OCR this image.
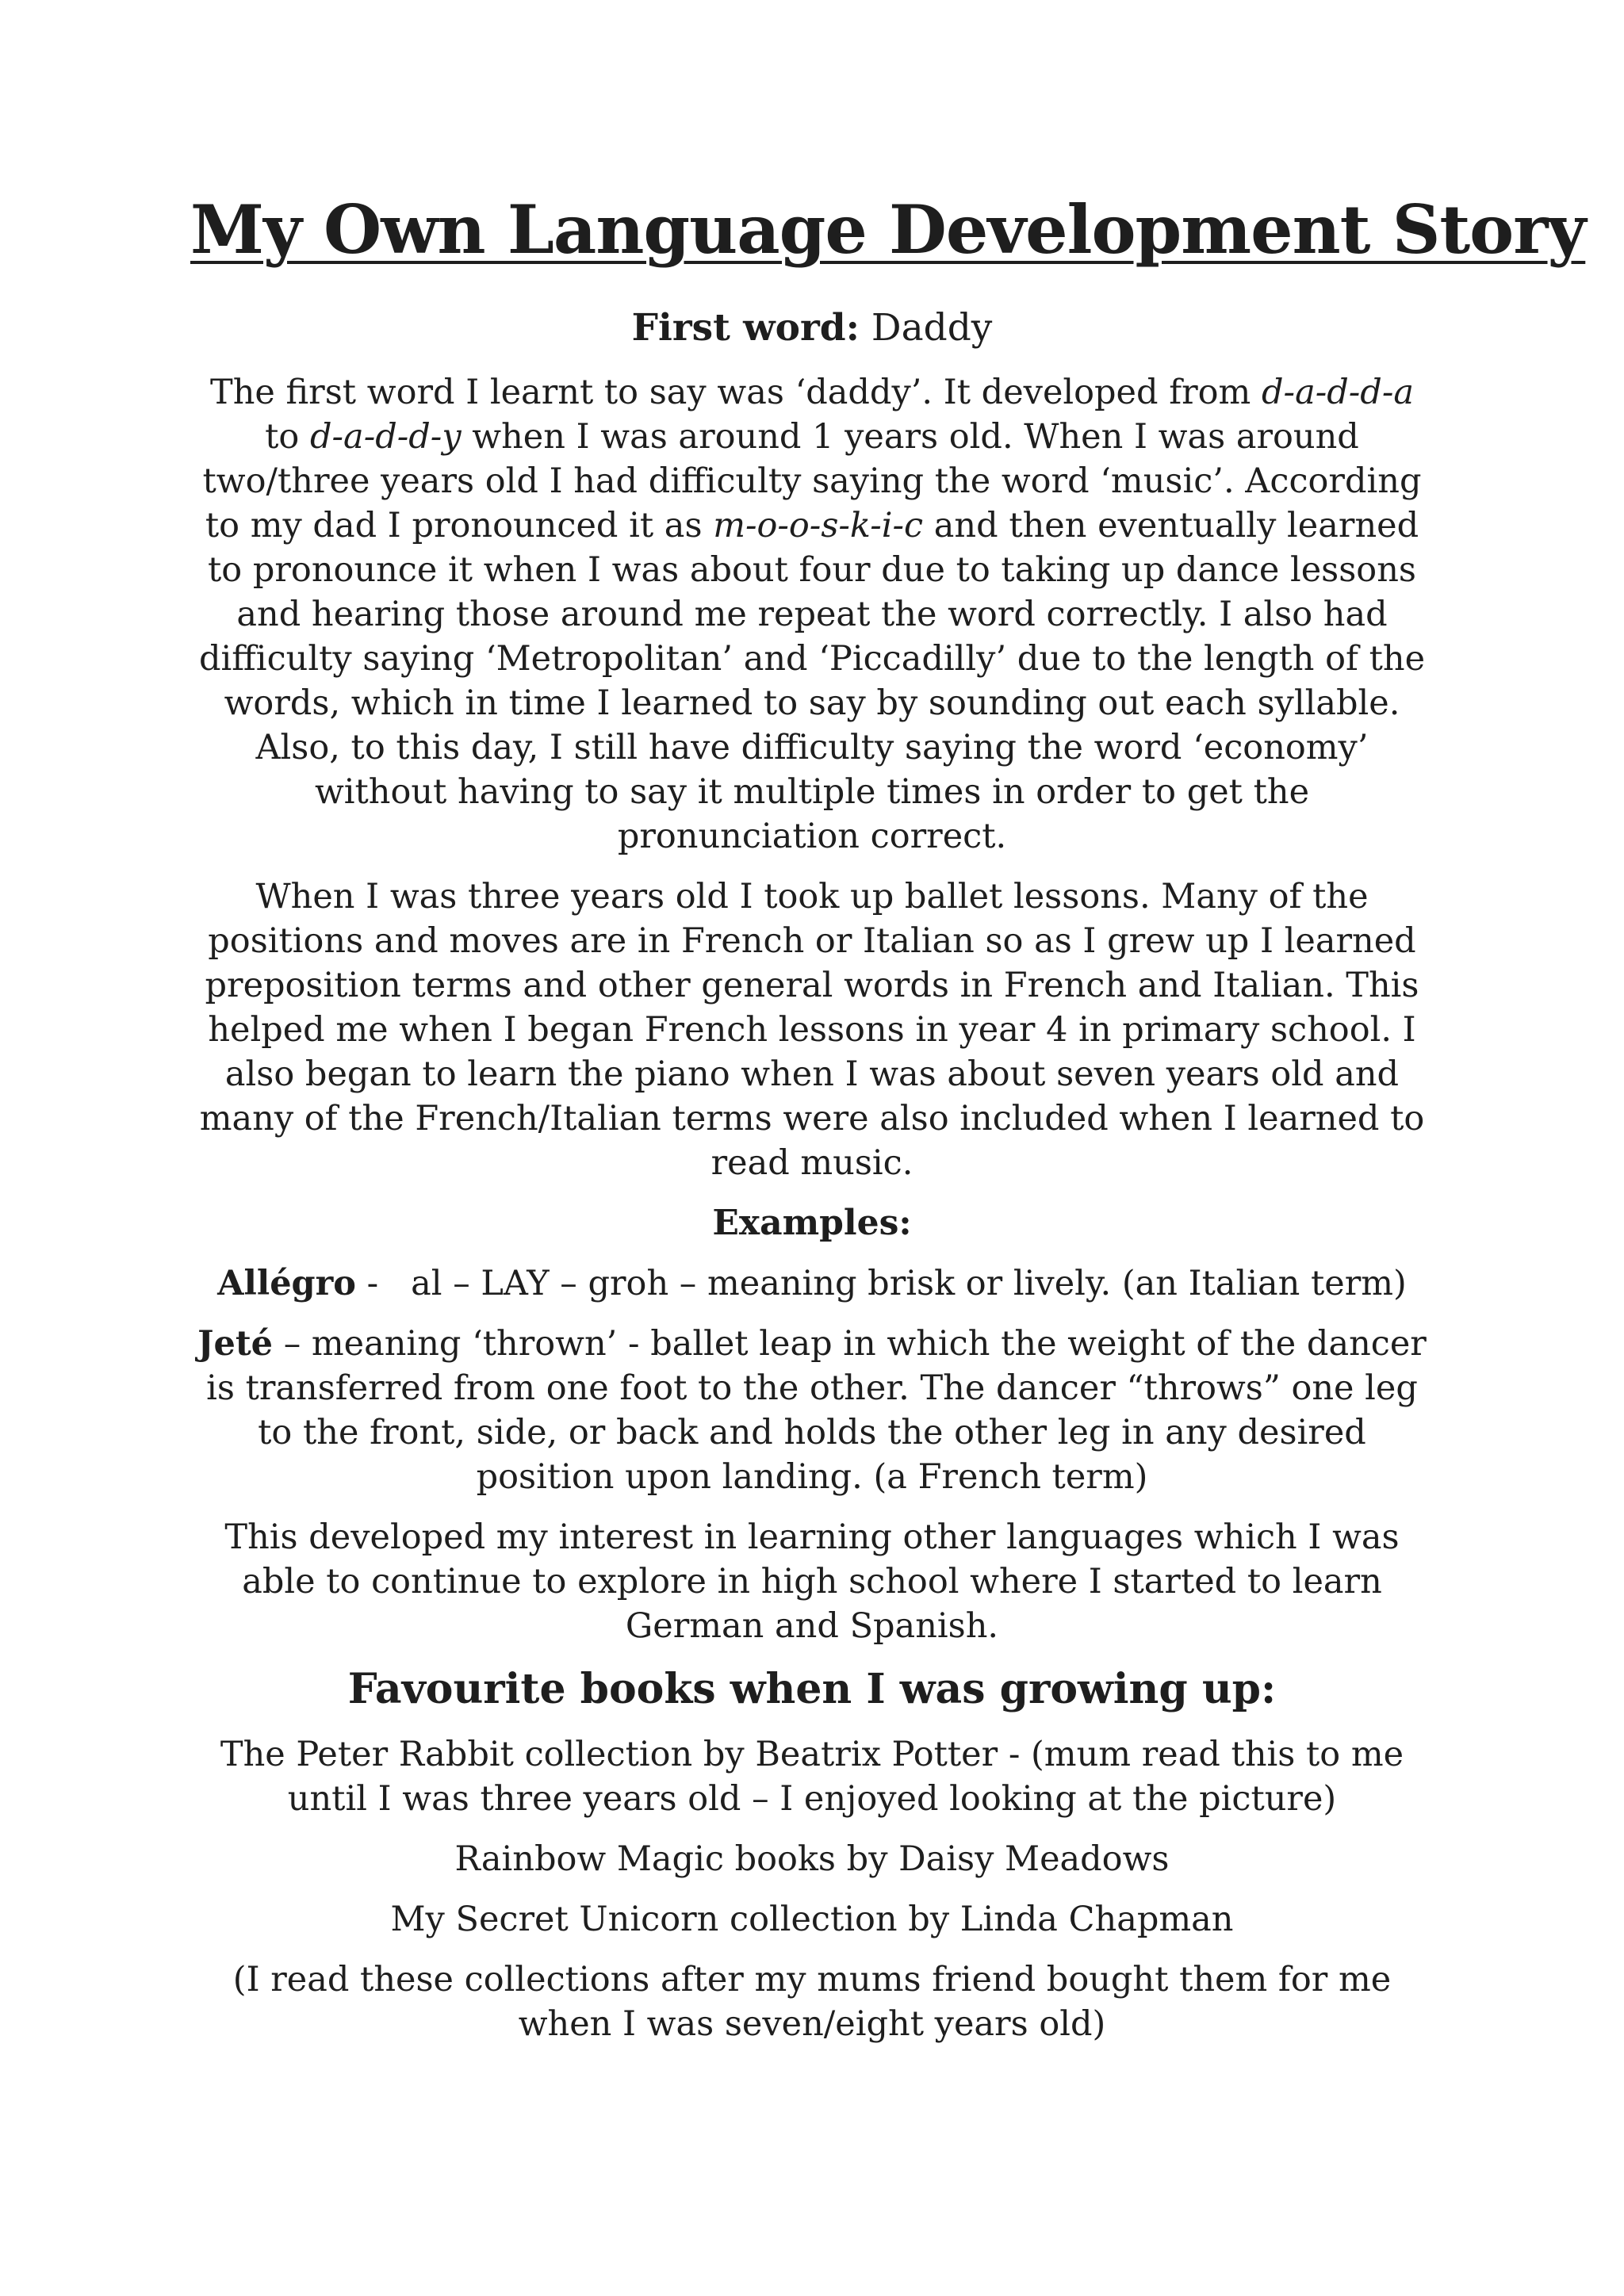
My Own Language Development Story
First word: Daddy

The first word I learnt to say was ‘daddy’. It developed from d-a-d-d-a to d-a-d-d-y when I was around 1 years old. When I was around two/three years old I had difficulty saying the word ‘music’. According to my dad I pronounced it as m-o-o-s-k-i-c and then eventually learned to pronounce it when I was about four due to taking up dance lessons and hearing those around me repeat the word correctly. I also had difficulty saying ‘Metropolitan’ and ‘Piccadilly’ due to the length of the words, which in time I learned to say by sounding out each syllable. Also, to this day, I still have difficulty saying the word ‘economy’ without having to say it multiple times in order to get the pronunciation correct.

When I was three years old I took up ballet lessons. Many of the positions and moves are in French or Italian so as I grew up I learned preposition terms and other general words in French and Italian. This helped me when I began French lessons in year 4 in primary school. I also began to learn the piano when I was about seven years old and many of the French/Italian terms were also included when I learned to read music.

Examples:

Allégro -   al – LAY – groh – meaning brisk or lively. (an Italian term)

Jeté – meaning ‘thrown’ - ballet leap in which the weight of the dancer is transferred from one foot to the other. The dancer “throws” one leg to the front, side, or back and holds the other leg in any desired position upon landing. (a French term)

This developed my interest in learning other languages which I was able to continue to explore in high school where I started to learn German and Spanish.

Favourite books when I was growing up:

The Peter Rabbit collection by Beatrix Potter - (mum read this to me until I was three years old – I enjoyed looking at the picture)

Rainbow Magic books by Daisy Meadows

My Secret Unicorn collection by Linda Chapman

(I read these collections after my mums friend bought them for me when I was seven/eight years old)
